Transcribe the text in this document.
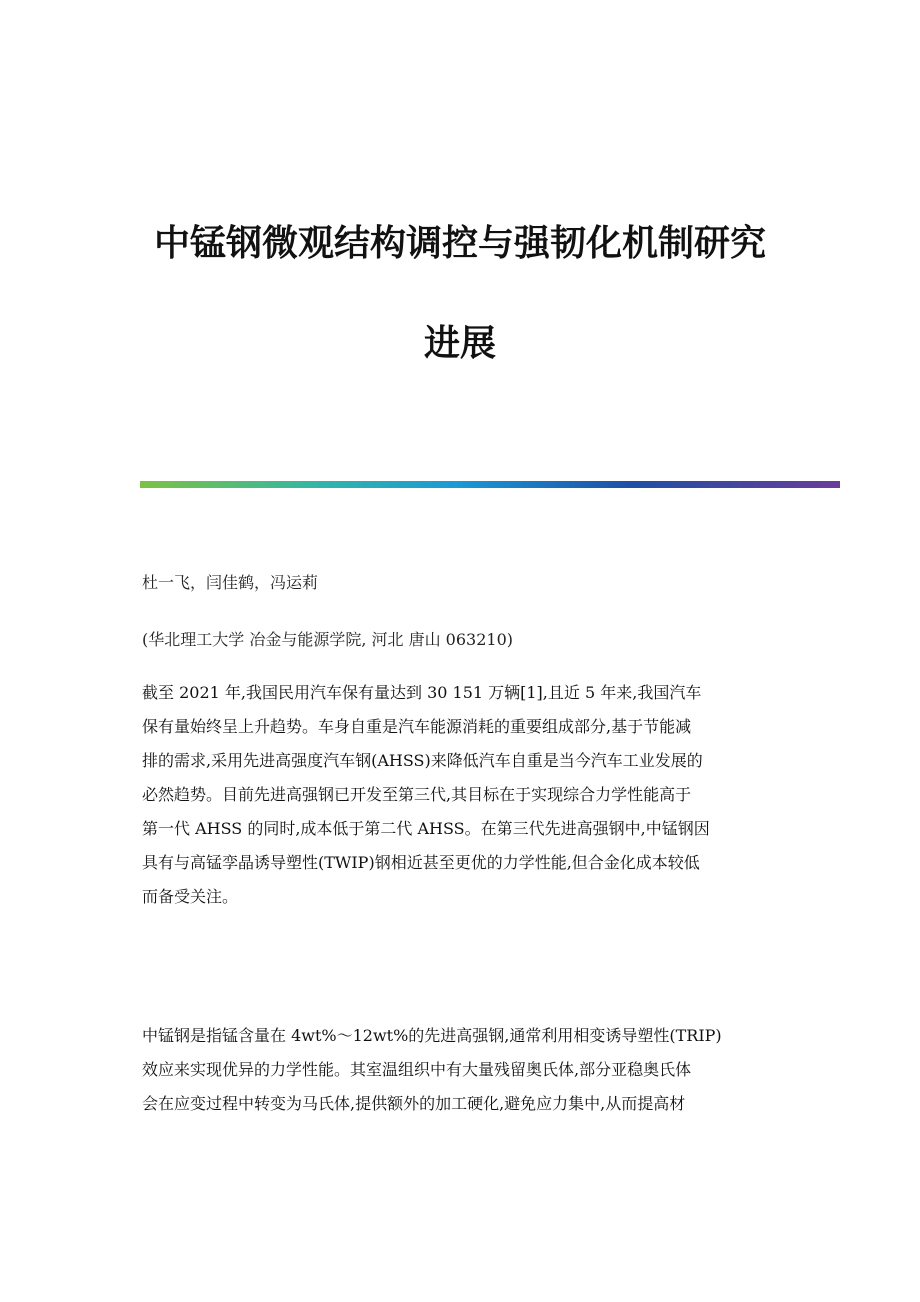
中锰钢微观结构调控与强韧化机制研究
进展
杜一飞，闫佳鹤，冯运莉
(华北理工大学 冶金与能源学院, 河北 唐山 063210)
截至 2021 年,我国民用汽车保有量达到 30 151 万辆[1],且近 5 年来,我国汽车
保有量始终呈上升趋势。车身自重是汽车能源消耗的重要组成部分,基于节能减
排的需求,采用先进高强度汽车钢(AHSS)来降低汽车自重是当今汽车工业发展的
必然趋势。目前先进高强钢已开发至第三代,其目标在于实现综合力学性能高于
第一代 AHSS 的同时,成本低于第二代 AHSS。在第三代先进高强钢中,中锰钢因
具有与高锰孪晶诱导塑性(TWIP)钢相近甚至更优的力学性能,但合金化成本较低
而备受关注。
中锰钢是指锰含量在 4wt%～12wt%的先进高强钢,通常利用相变诱导塑性(TRIP)
效应来实现优异的力学性能。其室温组织中有大量残留奥氏体,部分亚稳奥氏体
会在应变过程中转变为马氏体,提供额外的加工硬化,避免应力集中,从而提高材
